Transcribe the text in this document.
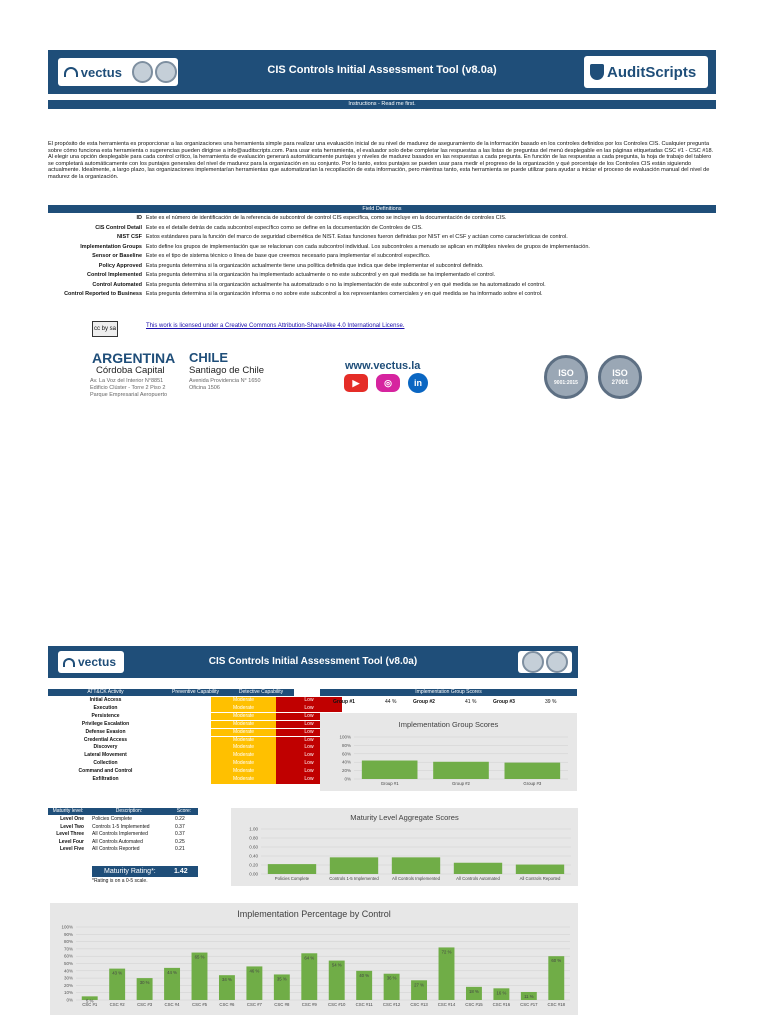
vectus	CIS Controls Initial Assessment Tool (v8.0a)	AuditScripts
Instructions - Read me first.
El propósito de esta herramienta es proporcionar a las organizaciones una herramienta simple para realizar una evaluación inicial de su nivel de madurez de aseguramiento de la información basado en los controles definidos por los Controles CIS. Cualquier pregunta sobre cómo funciona esta herramienta o sugerencias pueden dirigirse a info@auditscripts.com. Para usar esta herramienta, el evaluador solo debe completar las respuestas a las listas de preguntas del menú desplegable en las páginas etiquetadas CSC #1 - CSC #18. Al elegir una opción desplegable para cada control crítico, la herramienta de evaluación generará automáticamente puntajes y niveles de madurez basados en las respuestas a cada pregunta. En función de las respuestas a cada pregunta, la hoja de trabajo del tablero se completará automáticamente con los puntajes generales del nivel de madurez para la organización en su conjunto. Por lo tanto, estos puntajes se pueden usar para medir el progreso de la organización y qué porcentaje de los Controles CIS están siguiendo actualmente. Idealmente, a largo plazo, las organizaciones implementarían herramientas que automatizarían la recopilación de esta información, pero mientras tanto, esta herramienta se puede utilizar para ayudar a iniciar el proceso de evaluación manual del nivel de madurez de la organización.
Field Definitions
ID Este es el número de identificación de la referencia de subcontrol de control CIS específica, como se incluye en la documentación de controles CIS.
CIS Control Detail Este es el detalle detrás de cada subcontrol específico como se define en la documentación de Controles de CIS.
NIST CSF Estos estándares para la función del marco de seguridad cibernética de NIST. Estas funciones fueron definidas por NIST en el CSF y actúan como características de control.
Implementation Groups Esto define los grupos de implementación que se relacionan con cada subcontrol individual. Los subcontroles a menudo se aplican en múltiples niveles de grupos de implementación.
Sensor or Baseline Este es el tipo de sistema técnico o línea de base que creemos necesario para implementar el subcontrol específico.
Policy Approved Esta pregunta determina si la organización actualmente tiene una política definida que indica que debe implementar el subcontrol definido.
Control Implemented Esta pregunta determina si la organización ha implementado actualmente o no este subcontrol y en qué medida se ha implementado el control.
Control Automated Esta pregunta determina si la organización actualmente ha automatizado o no la implementación de este subcontrol y en qué medida se ha automatizado el control.
Control Reported to Business Esta pregunta determina si la organización informa o no sobre este subcontrol a los representantes comerciales y en qué medida se ha informado sobre el control.
cc by sa	This work is licensed under a Creative Commons Attribution-ShareAlike 4.0 International License.
ARGENTINA
Córdoba Capital
Av. La Voz del Interior N°8851
Edificio Clúster - Torre 2 Piso 2
Parque Empresarial Aeropuerto
CHILE
Santiago de Chile
Avenida Providencia N° 1650
Oficina 1506
www.vectus.la
▶	◎	in
ISO
9001:2015
ISO
27001
vectus	CIS Controls Initial Assessment Tool (v8.0a)
ATT&CK Activity	Preventive Capability	Detective Capability
Initial Access	Moderate	Low
Execution	Moderate	Low
Persistence	Moderate	Low
Privilege Escalation	Moderate	Low
Defense Evasion	Moderate	Low
Credential Access	Moderate	Low
Discovery	Moderate	Low
Lateral Movement	Moderate	Low
Collection	Moderate	Low
Command and Control	Moderate	Low
Exfiltration	Moderate	Low
Implementation Group Scores
Group #1	44 %	Group #2	41 %	Group #3	39 %
Implementation Group Scores
100%
80%
60%
40%
20%
0%
Group #1	Group #2	Group #3
Maturity level:	Description:	Score:
Level One Policies Complete	0.22
Level Two Controls 1-5 Implemented	0.37
Level Three All Controls Implemented	0.37
Level Four All Controls Automated	0.25
Level Five All Controls Reported	0.21
Maturity Rating*:	1.42
*Rating is on a 0-5 scale.
Maturity Level Aggregate Scores
1.00
0.80
0.60
0.40
0.20
0.00
Policies Complete	Controls 1-5 Implemented	All Controls Implemented	All Controls Automated	All Controls Reported
Implementation Percentage by Control
100%
90%
80%
70%
60%
50%
40%
30%
20%
10%
0%
CSC #1
5 %
CSC #2
43 %
CSC #3
30 %
CSC #4
44 %
CSC #5
65 %
CSC #6
34 %
CSC #7
46 %
CSC #8
35 %
CSC #9
64 %
CSC #10
54 %
CSC #11
40 %
CSC #12
36 %
CSC #13
27 %
CSC #14
72 %
CSC #15
18 %
CSC #16
16 %
CSC #17
11 %
CSC #18
60 %
